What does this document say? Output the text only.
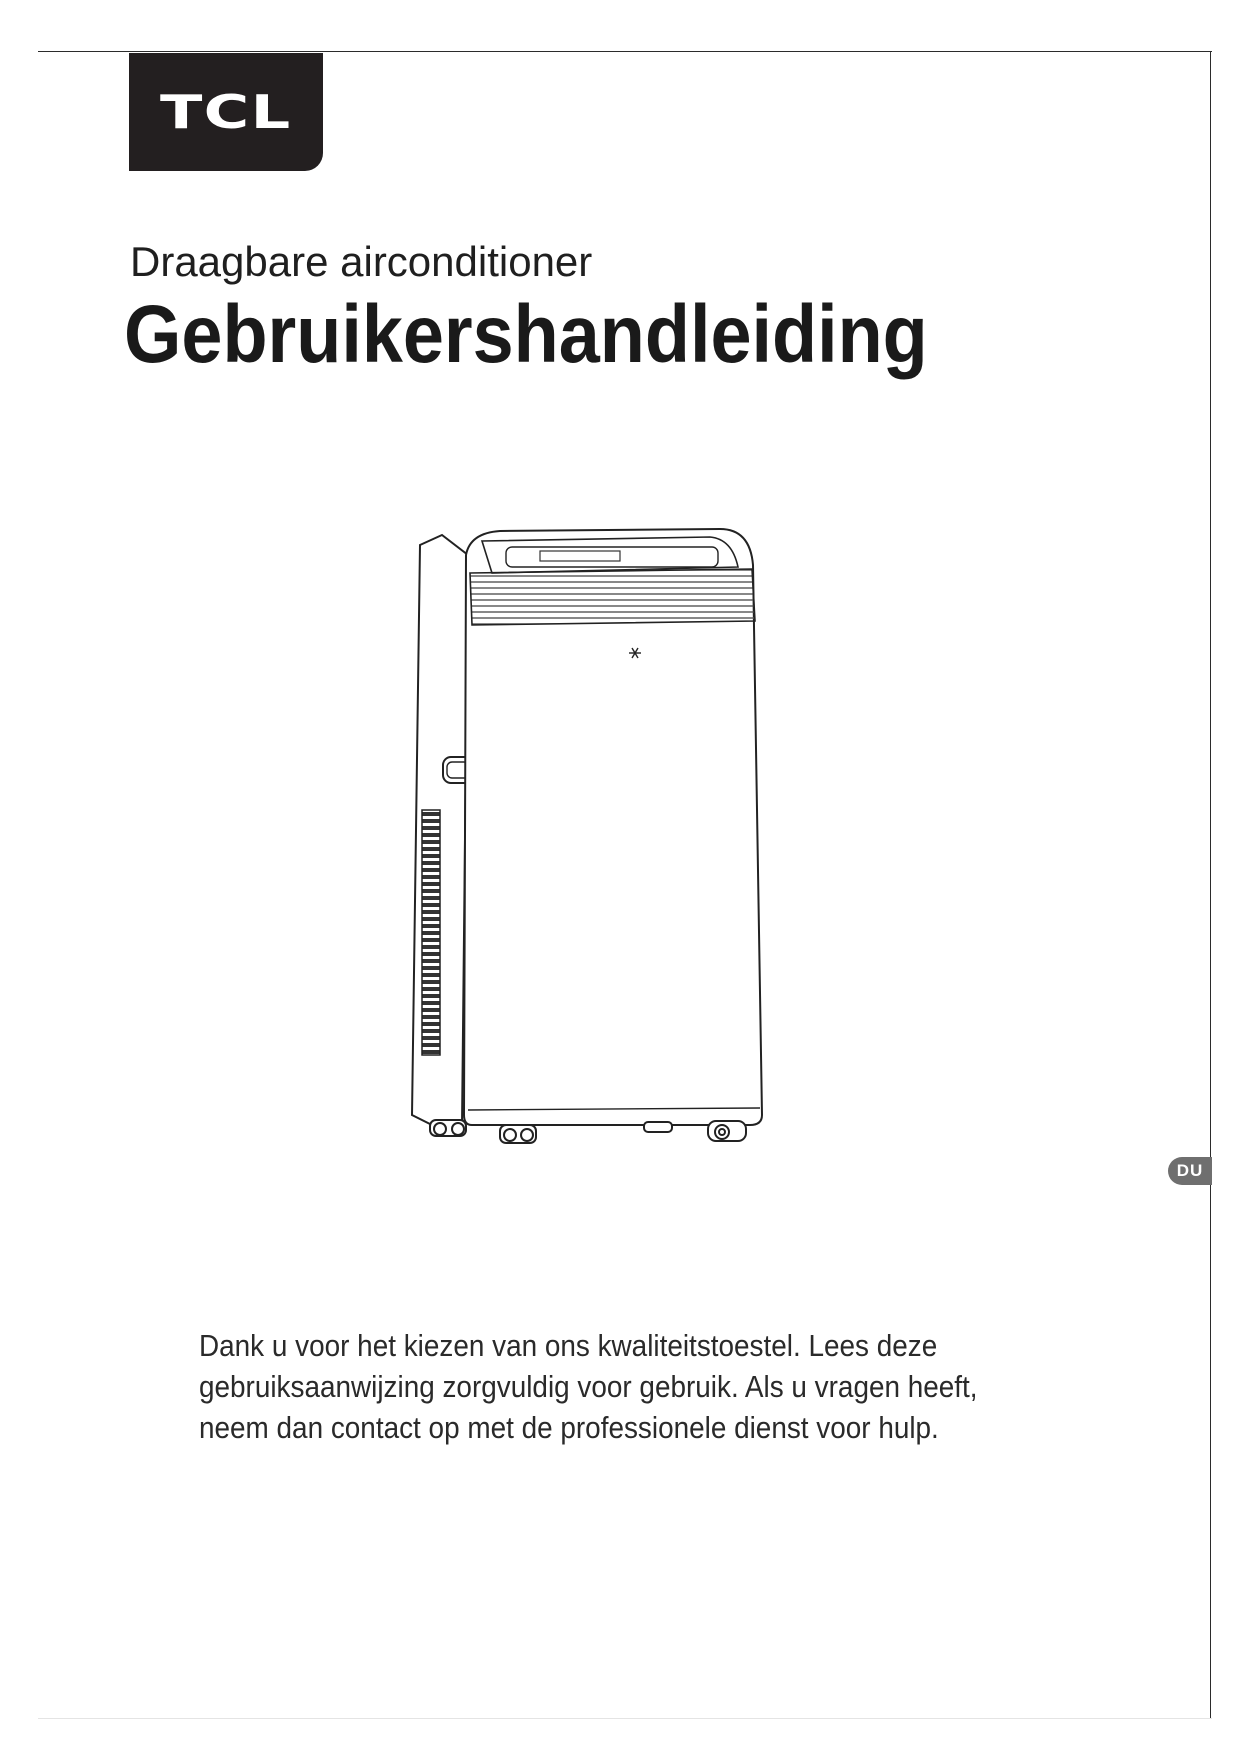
TCL
Draagbare airconditioner
Gebruikershandleiding
DU
Dank u voor het kiezen van ons kwaliteitstoestel. Lees deze
gebruiksaanwijzing zorgvuldig voor gebruik. Als u vragen heeft,
neem dan contact op met de professionele dienst voor hulp.
